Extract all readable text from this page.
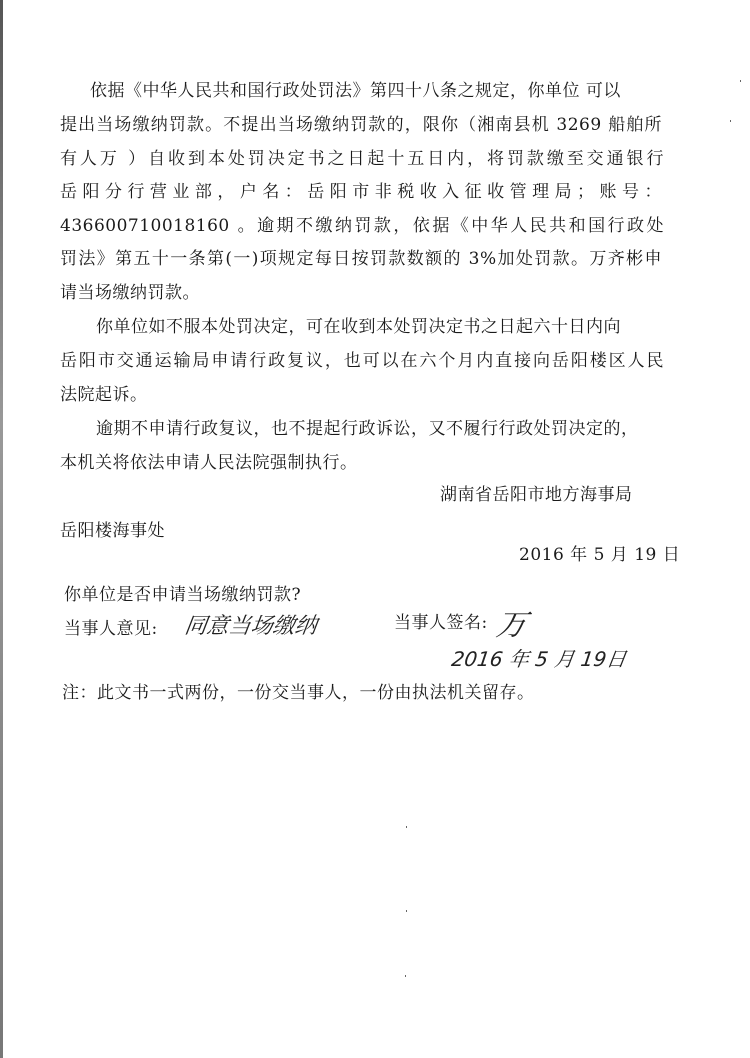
依据《中华人民共和国行政处罚法》第四十八条之规定，你单位 可以
提出当场缴纳罚款。不提出当场缴纳罚款的，限你（湘南县机 3269 船舶所
有人万 ）自收到本处罚决定书之日起十五日内，将罚款缴至交通银行
岳阳分行营业部，户名：岳阳市非税收入征收管理局；账号：
436600710018160 。逾期不缴纳罚款，依据《中华人民共和国行政处
罚法》第五十一条第(一)项规定每日按罚款数额的 3%加处罚款。万齐彬申
请当场缴纳罚款。
你单位如不服本处罚决定，可在收到本处罚决定书之日起六十日内向
岳阳市交通运输局申请行政复议，也可以在六个月内直接向岳阳楼区人民
法院起诉。
逾期不申请行政复议，也不提起行政诉讼，又不履行行政处罚决定的，
本机关将依法申请人民法院强制执行。
湖南省岳阳市地方海事局
岳阳楼海事处
2016 年 5 月 19 日
你单位是否申请当场缴纳罚款?
当事人意见: 同意当场缴纳	当事人签名: 万
2016 年 5 月 19日
注：此文书一式两份，一份交当事人，一份由执法机关留存。
